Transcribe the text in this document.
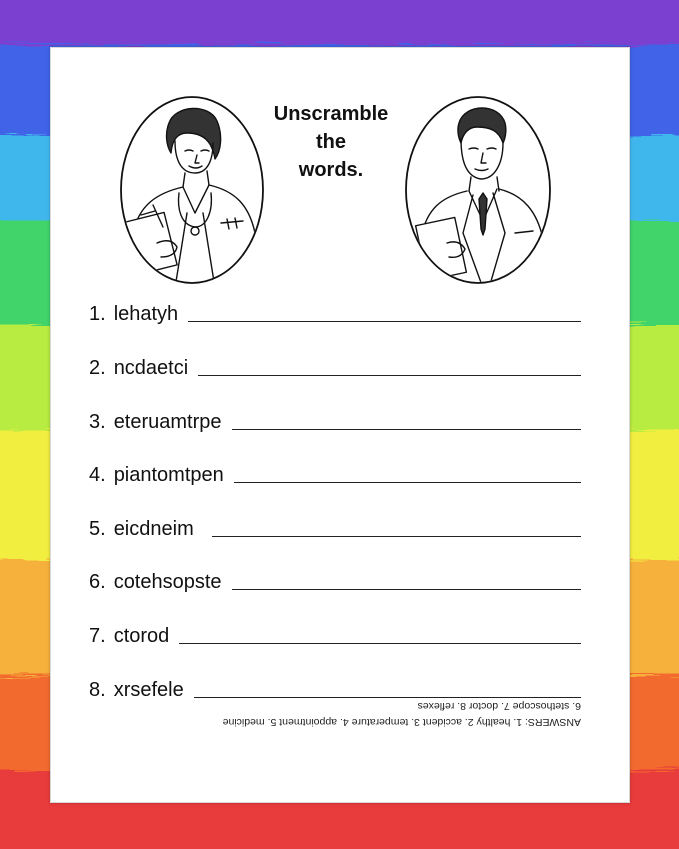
Unscramble
the
words.
1. lehatyh
2. ncdaetci
3. eteruamtrpe
4. piantomtpen
5. eicdneim
6. cotehsopste
7. ctorod
8. xrsefele
ANSWERS: 1. healthy 2. accident 3. temperature 4. appointment 5. medicine
6. stethoscope 7. doctor 8. reflexes
